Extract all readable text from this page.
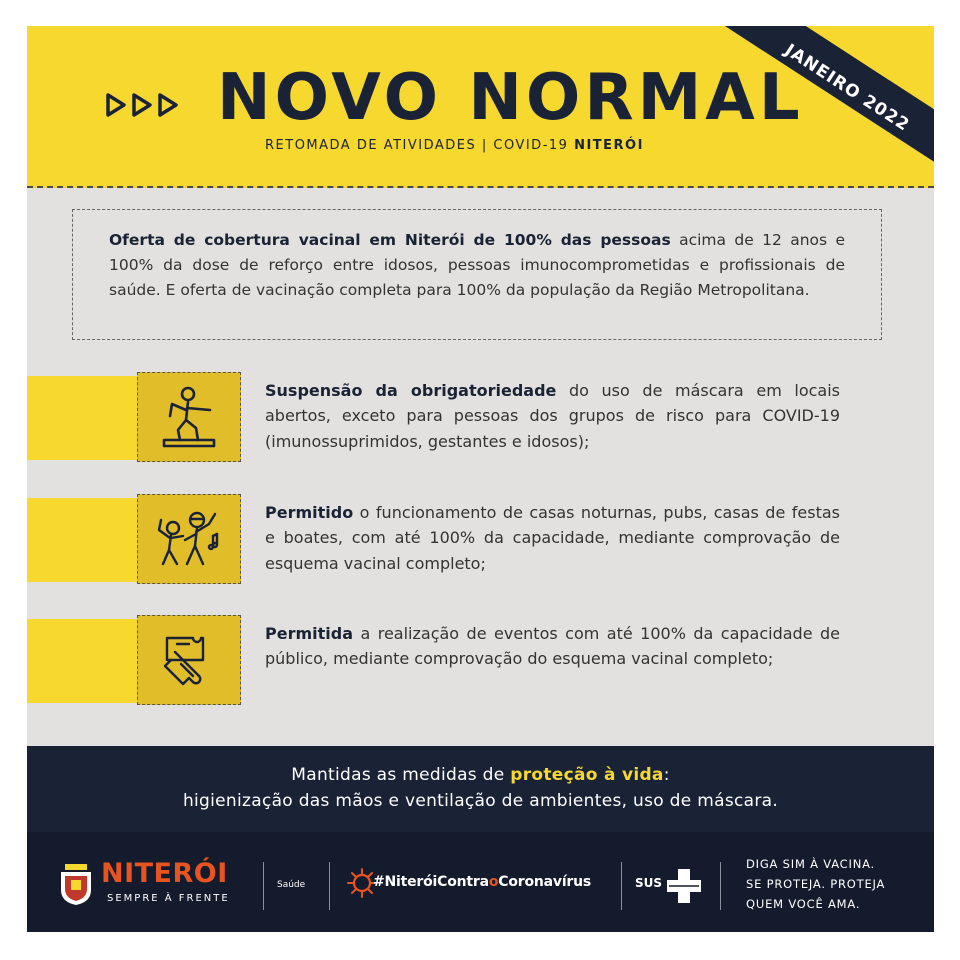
NOVO NORMAL
RETOMADA DE ATIVIDADES | COVID-19 NITERÓI
JANEIRO 2022
Oferta de cobertura vacinal em Niterói de 100% das pessoas acima de 12 anos e 100% da dose de reforço entre idosos, pessoas imunocomprometidas e profissionais de saúde. E oferta de vacinação completa para 100% da população da Região Metropolitana.
Suspensão da obrigatoriedade do uso de máscara em locais abertos, exceto para pessoas dos grupos de risco para COVID-19 (imunossuprimidos, gestantes e idosos);
Permitido o funcionamento de casas noturnas, pubs, casas de festas e boates, com até 100% da capacidade, mediante comprovação de esquema vacinal completo;
Permitida a realização de eventos com até 100% da capacidade de público, mediante comprovação do esquema vacinal completo;
Mantidas as medidas de proteção à vida:
higienização das mãos e ventilação de ambientes, uso de máscara.
NITERÓI
SEMPRE À FRENTE
Saúde	#NiteróiContraoCoronavírus	SUS
DIGA SIM À VACINA.
SE PROTEJA. PROTEJA
QUEM VOCÊ AMA.
